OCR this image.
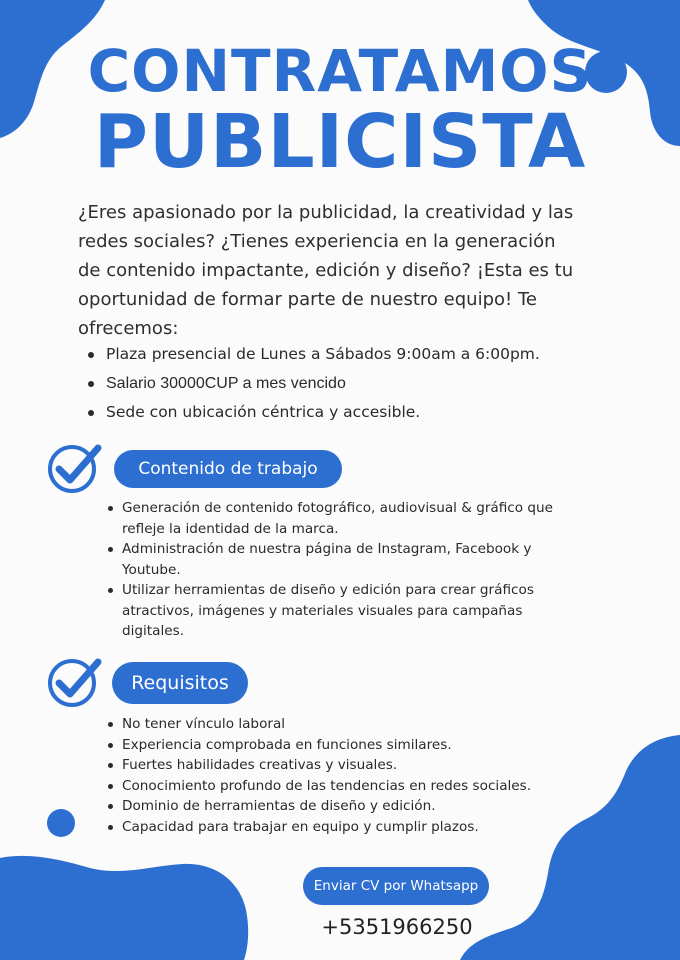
CONTRATAMOS
PUBLICISTA

¿Eres apasionado por la publicidad, la creatividad y las redes sociales? ¿Tienes experiencia en la generación de contenido impactante, edición y diseño? ¡Esta es tu oportunidad de formar parte de nuestro equipo! Te ofrecemos:

Plaza presencial de Lunes a Sábados 9:00am a 6:00pm.
Salario 30000CUP a mes vencido
Sede con ubicación céntrica y accesible.
Contenido de trabajo
Generación de contenido fotográfico, audiovisual & gráfico que refleje la identidad de la marca.
Administración de nuestra página de Instagram, Facebook y Youtube.
Utilizar herramientas de diseño y edición para crear gráficos atractivos, imágenes y materiales visuales para campañas digitales.
Requisitos
No tener vínculo laboral
Experiencia comprobada en funciones similares.
Fuertes habilidades creativas y visuales.
Conocimiento profundo de las tendencias en redes sociales.
Dominio de herramientas de diseño y edición.
Capacidad para trabajar en equipo y cumplir plazos.
Enviar CV por Whatsapp
+5351966250
